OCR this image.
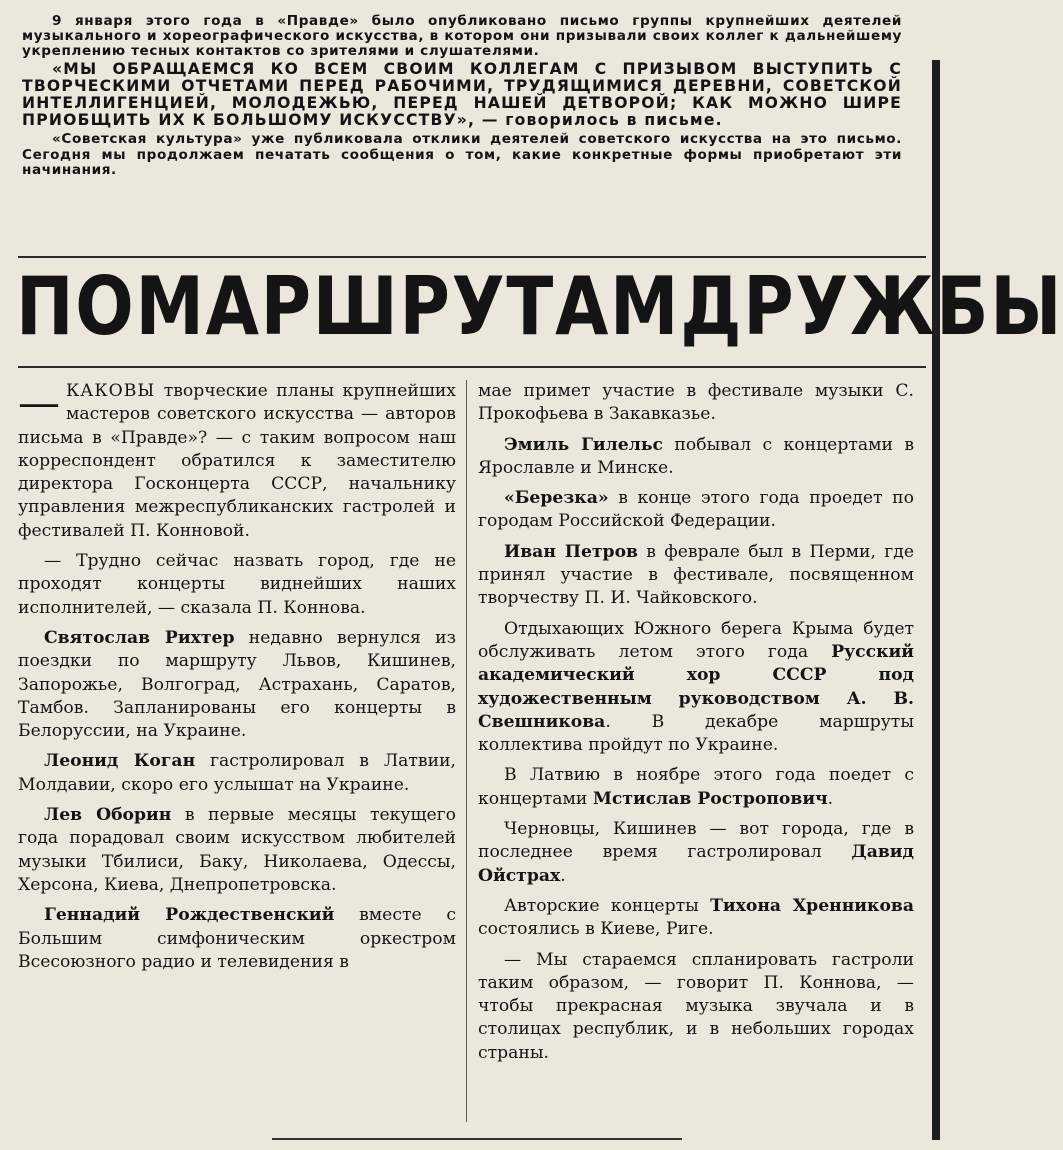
9 января этого года в «Правде» было опубликовано письмо группы крупнейших деятелей музыкального и хореографического искусства, в котором они призывали своих коллег к дальнейшему укреплению тесных контактов со зрителями и слушателями.

«МЫ ОБРАЩАЕМСЯ КО ВСЕМ СВОИМ КОЛЛЕГАМ С ПРИЗЫВОМ ВЫСТУПИТЬ С ТВОРЧЕСКИМИ ОТЧЕТАМИ ПЕРЕД РАБОЧИМИ, ТРУДЯЩИМИСЯ ДЕРЕВНИ, СОВЕТСКОЙ ИНТЕЛЛИГЕНЦИЕЙ, МОЛОДЕЖЬЮ, ПЕРЕД НАШЕЙ ДЕТВОРОЙ; КАК МОЖНО ШИРЕ ПРИОБЩИТЬ ИХ К БОЛЬШОМУ ИСКУССТВУ», — говорилось в письме.

«Советская культура» уже публиковала отклики деятелей советского искусства на это письмо. Сегодня мы продолжаем печатать сообщения о том, какие конкретные формы приобретают эти начинания.

ПО МАРШРУТАМ ДРУЖБЫ

— КАКОВЫ творческие планы крупнейших мастеров советского искусства — авторов письма в «Правде»? — с таким вопросом наш корреспондент обратился к заместителю директора Госконцерта СССР, начальнику управления межреспубликанских гастролей и фестивалей П. Конновой.

— Трудно сейчас назвать город, где не проходят концерты виднейших наших исполнителей, — сказала П. Коннова.

Святослав Рихтер недавно вернулся из поездки по маршруту Львов, Кишинев, Запорожье, Волгоград, Астрахань, Саратов, Тамбов. Запланированы его концерты в Белоруссии, на Украине.

Леонид Коган гастролировал в Латвии, Молдавии, скоро его услышат на Украине.

Лев Оборин в первые месяцы текущего года порадовал своим искусством любителей музыки Тбилиси, Баку, Николаева, Одессы, Херсона, Киева, Днепропетровска.

Геннадий Рождественский вместе с Большим симфоническим оркестром Всесоюзного радио и телевидения в

мае примет участие в фестивале музыки С. Прокофьева в Закавказье.

Эмиль Гилельс побывал с концертами в Ярославле и Минске.

«Березка» в конце этого года проедет по городам Российской Федерации.

Иван Петров в феврале был в Перми, где принял участие в фестивале, посвященном творчеству П. И. Чайковского.

Отдыхающих Южного берега Крыма будет обслуживать летом этого года Русский академический хор СССР под художественным руководством А. В. Свешникова. В декабре маршруты коллектива пройдут по Украине.

В Латвию в ноябре этого года поедет с концертами Мстислав Ростропович.

Черновцы, Кишинев — вот города, где в последнее время гастролировал Давид Ойстрах.

Авторские концерты Тихона Хренникова состоялись в Киеве, Риге.

— Мы стараемся спланировать гастроли таким образом, — говорит П. Коннова, — чтобы прекрасная музыка звучала и в столицах республик, и в небольших городах страны.
